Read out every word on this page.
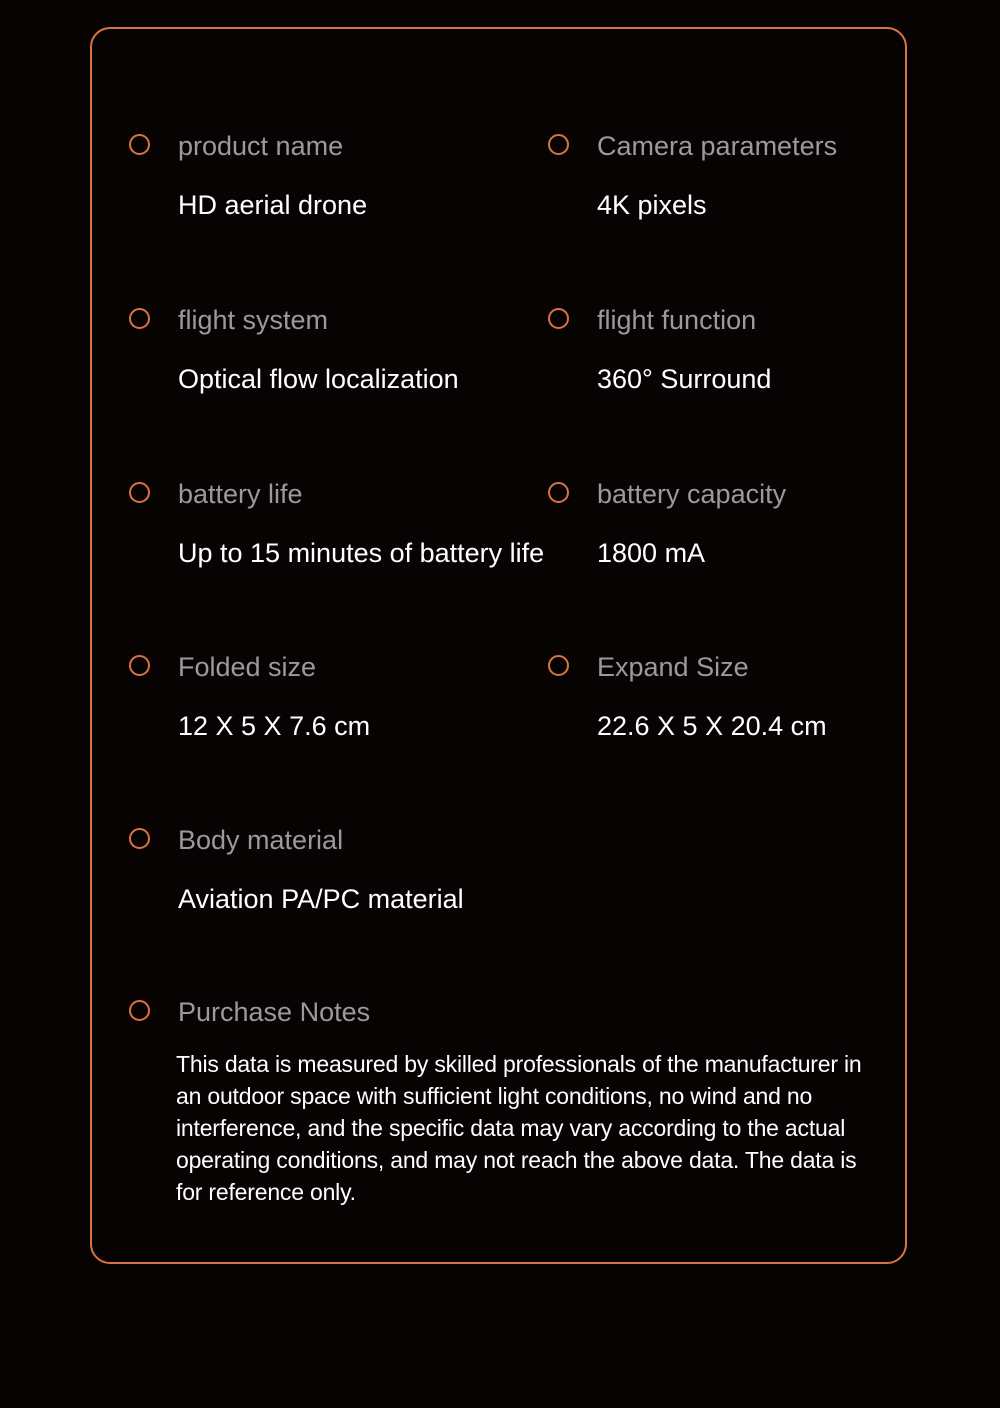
product name
HD aerial drone
Camera parameters
4K pixels
flight system
Optical flow localization
flight function
360° Surround
battery life
Up to 15 minutes of battery life
battery capacity
1800 mA
Folded size
12 X 5 X 7.6 cm
Expand Size
22.6 X 5 X 20.4 cm
Body material
Aviation PA/PC material
Purchase Notes
This data is measured by skilled professionals of the manufacturer in an outdoor space with sufficient light conditions, no wind and no interference, and the specific data may vary according to the actual operating conditions, and may not reach the above data. The data is for reference only.
